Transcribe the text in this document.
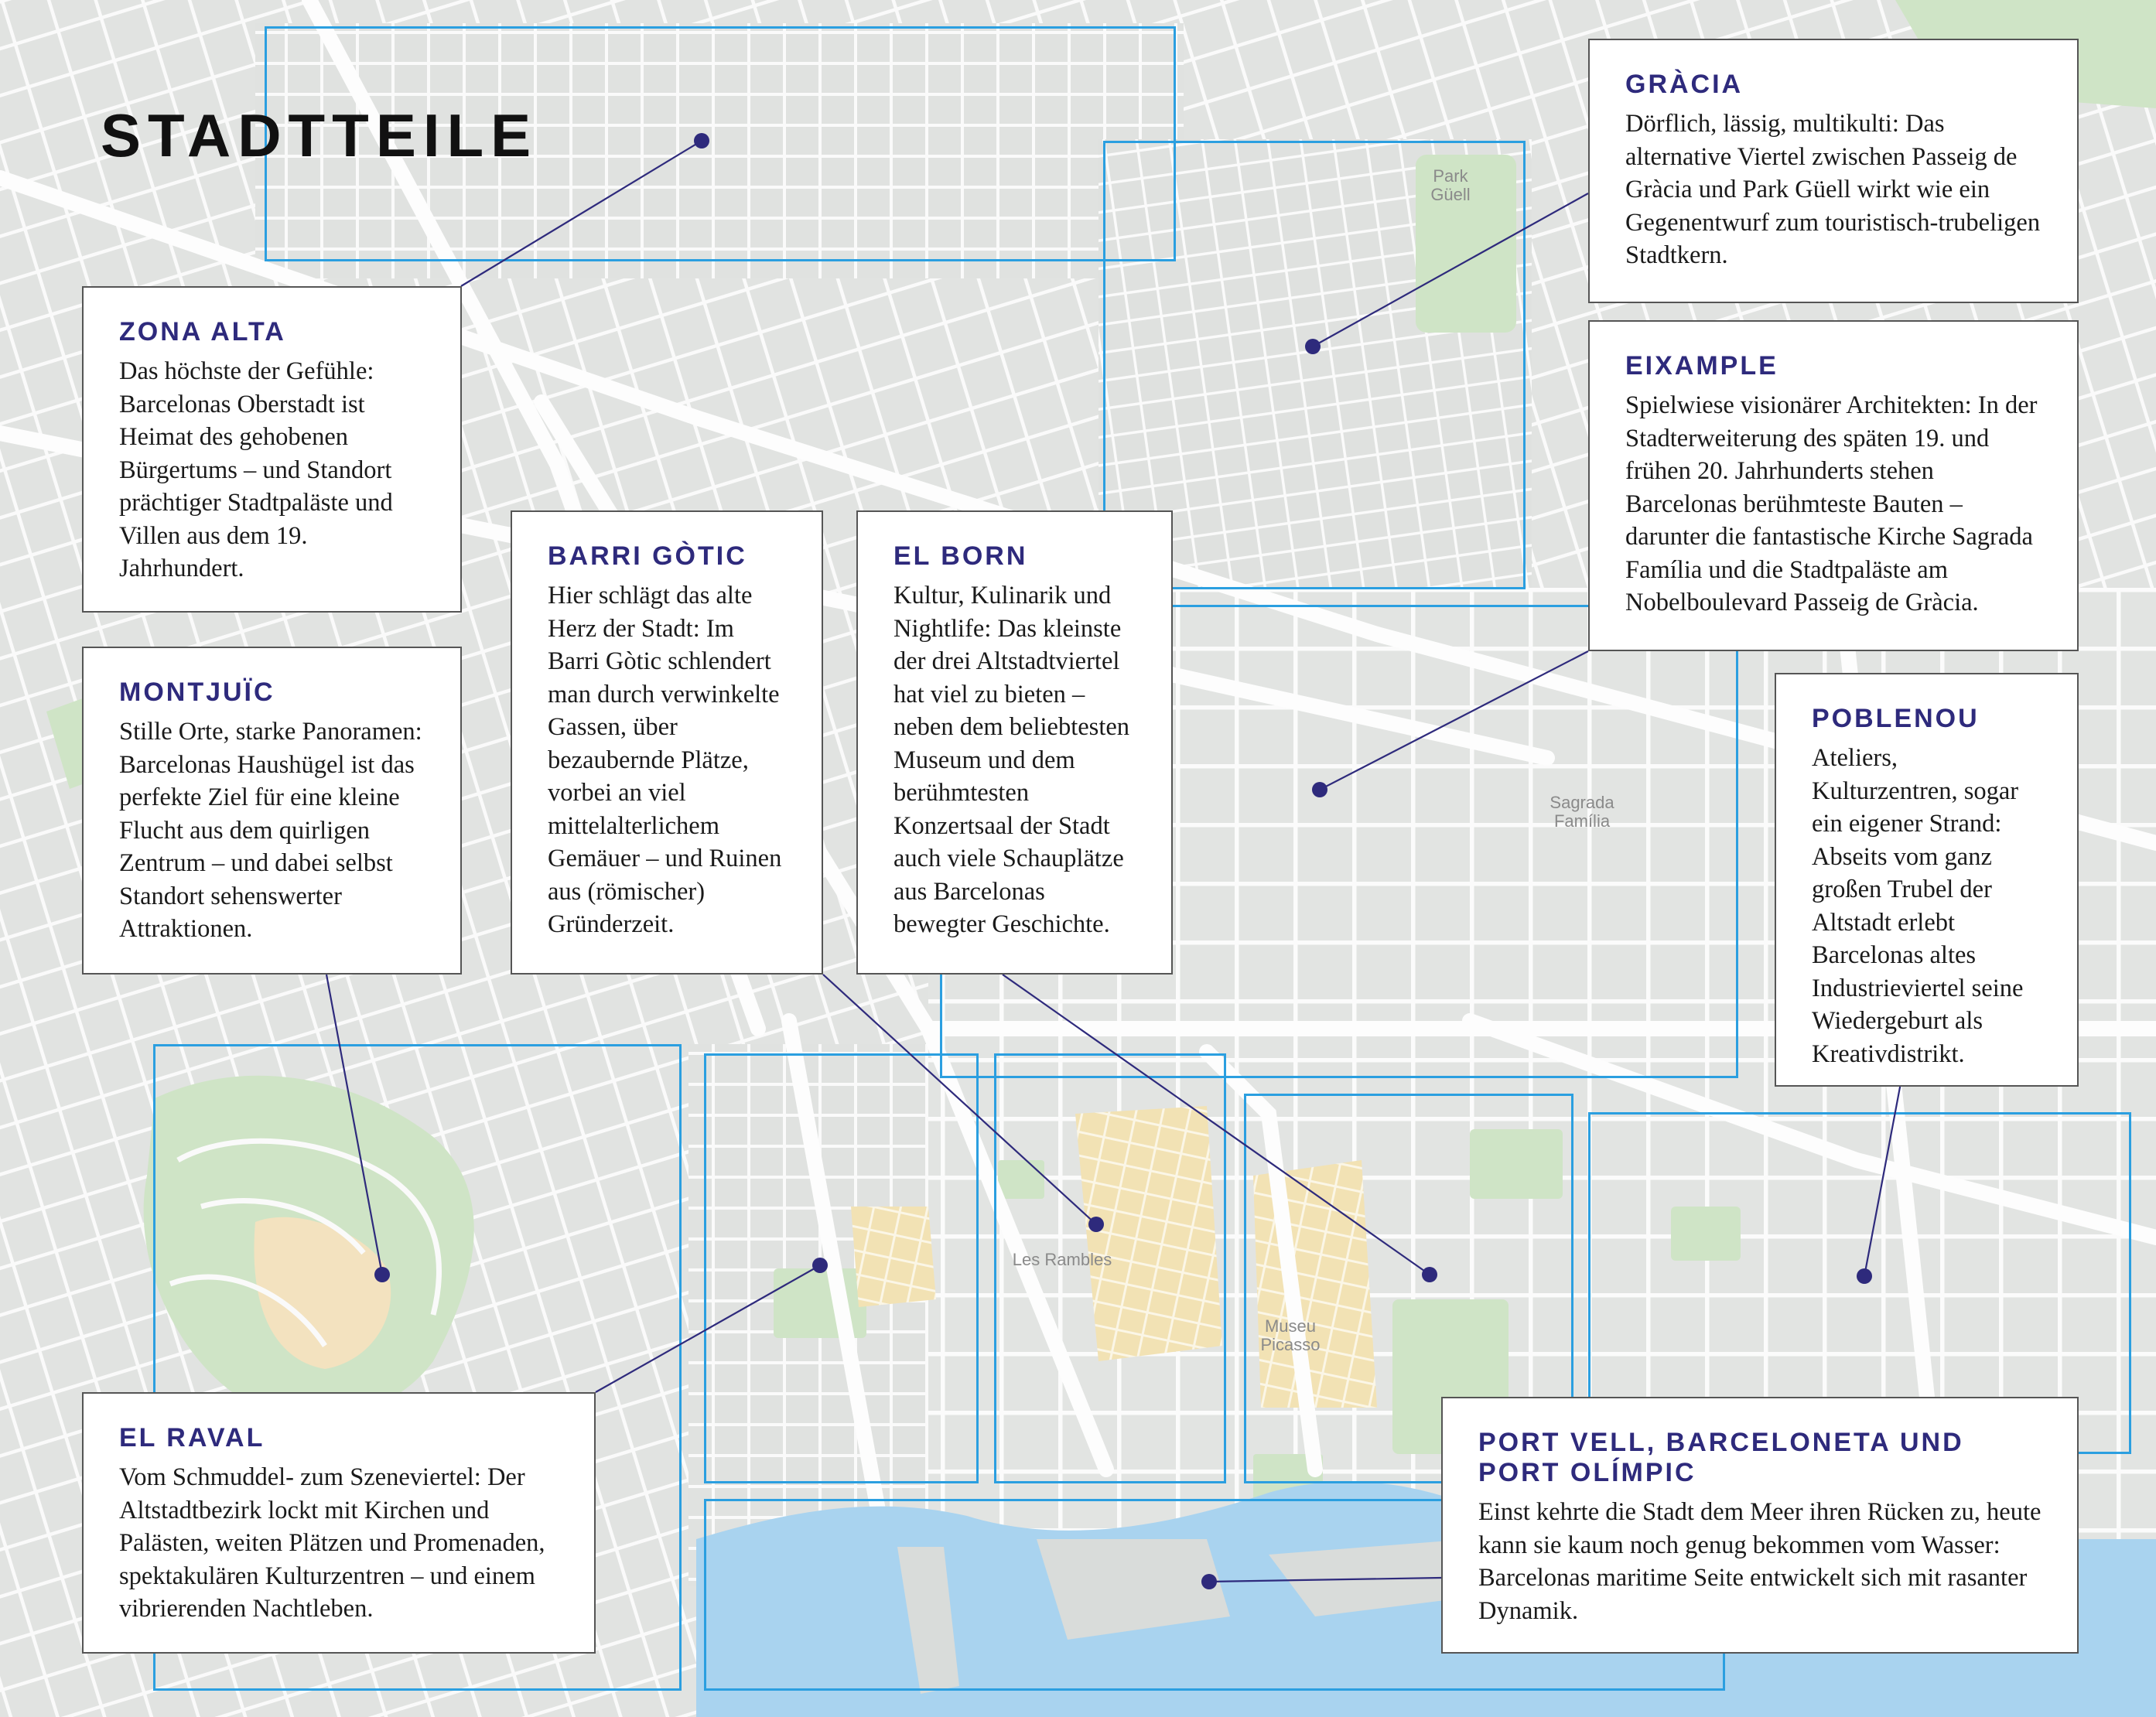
Park Güell
Sagrada Família
Les Rambles
Museu Picasso
STADTTEILE
ZONA ALTA

Das höchste der Gefühle: Barcelonas Oberstadt ist Heimat des gehobenen Bürgertums – und Standort prächtiger Stadtpaläste und Villen aus dem 19. Jahrhundert.

GRÀCIA

Dörflich, lässig, multikulti: Das alternative Viertel zwischen Passeig de Gràcia und Park Güell wirkt wie ein Gegenentwurf zum touristisch-trubeligen Stadtkern.

EIXAMPLE

Spielwiese visionärer Architekten: In der Stadterweiterung des späten 19. und frühen 20. Jahrhunderts stehen Barcelonas berühmteste Bauten – darunter die fantastische Kirche Sagrada Família und die Stadtpaläste am Nobelboulevard Passeig de Gràcia.

MONTJUÏC

Stille Orte, starke Panoramen: Barcelonas Haushügel ist das perfekte Ziel für eine kleine Flucht aus dem quirligen Zentrum – und dabei selbst Standort sehenswerter Attraktionen.

BARRI GÒTIC

Hier schlägt das alte Herz der Stadt: Im Barri Gòtic schlendert man durch verwinkelte Gassen, über bezaubernde Plätze, vorbei an viel mittelalterlichem Gemäuer – und Ruinen aus (römischer) Gründerzeit.

EL BORN

Kultur, Kulinarik und Nightlife: Das kleinste der drei Altstadtviertel hat viel zu bieten – neben dem beliebtesten Museum und dem berühmtesten Konzertsaal der Stadt auch viele Schauplätze aus Barcelonas bewegter Geschichte.

POBLENOU

Ateliers, Kulturzentren, sogar ein eigener Strand: Abseits vom ganz großen Trubel der Altstadt erlebt Barcelonas altes Industrieviertel seine Wiedergeburt als Kreativdistrikt.

EL RAVAL

Vom Schmuddel- zum Szeneviertel: Der Altstadtbezirk lockt mit Kirchen und Palästen, weiten Plätzen und Promenaden, spektakulären Kulturzentren – und einem vibrierenden Nachtleben.

PORT VELL, BARCELONETA UND PORT OLÍMPIC

Einst kehrte die Stadt dem Meer ihren Rücken zu, heute kann sie kaum noch genug bekommen vom Wasser: Barcelonas maritime Seite entwickelt sich mit rasanter Dynamik.
